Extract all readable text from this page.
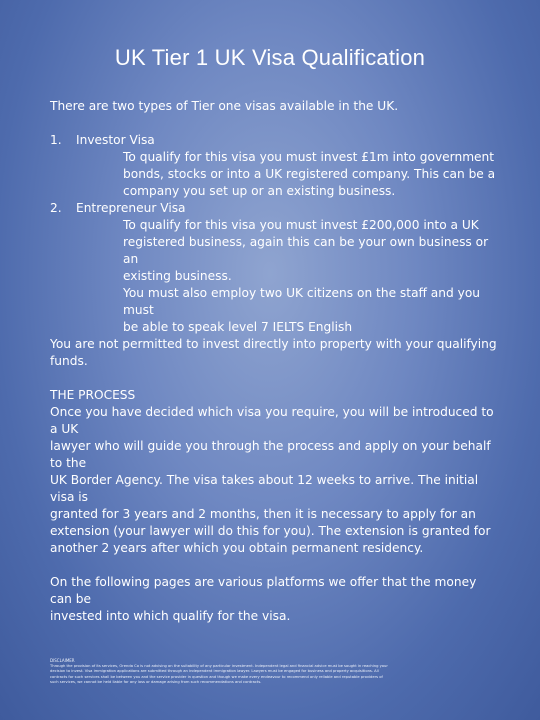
UK Tier 1 UK Visa Qualification

There are two types of Tier one visas available in the UK.

1.	Investor Visa
To qualify for this visa you must invest £1m into government
bonds, stocks or into a UK registered company. This can be a
company you set up or an existing business.
2.	Entrepreneur Visa
To qualify for this visa you must invest £200,000 into a UK
registered business, again this can be your own business or an
existing business.
You must also employ two UK citizens on the staff and you must
be able to speak level 7 IELTS English
You are not permitted to invest directly into property with your qualifying
funds.
THE PROCESS
Once you have decided which visa you require, you will be introduced to a UK
lawyer who will guide you through the process and apply on your behalf to the
UK Border Agency. The visa takes about 12 weeks to arrive. The initial visa is
granted for 3 years and 2 months, then it is necessary to apply for an
extension (your lawyer will do this for you). The extension is granted for
another 2 years after which you obtain permanent residency.
On the following pages are various platforms we offer that the money can be
invested into which qualify for the visa.
DISCLAIMER
Through the provision of its services, Orenda Co is not advising on the suitability of any particular investment. Independent legal and financial advice must be sought in reaching your
decision to invest. Visa immigration applications are submitted through an independent immigration lawyer. Lawyers must be engaged for business and property acquisitions. All
contracts for such services shall be between you and the service provider in question and though we make every endeavour to recommend only reliable and reputable providers of
such services, we cannot be held liable for any loss or damage arising from such recommendations and contracts.
